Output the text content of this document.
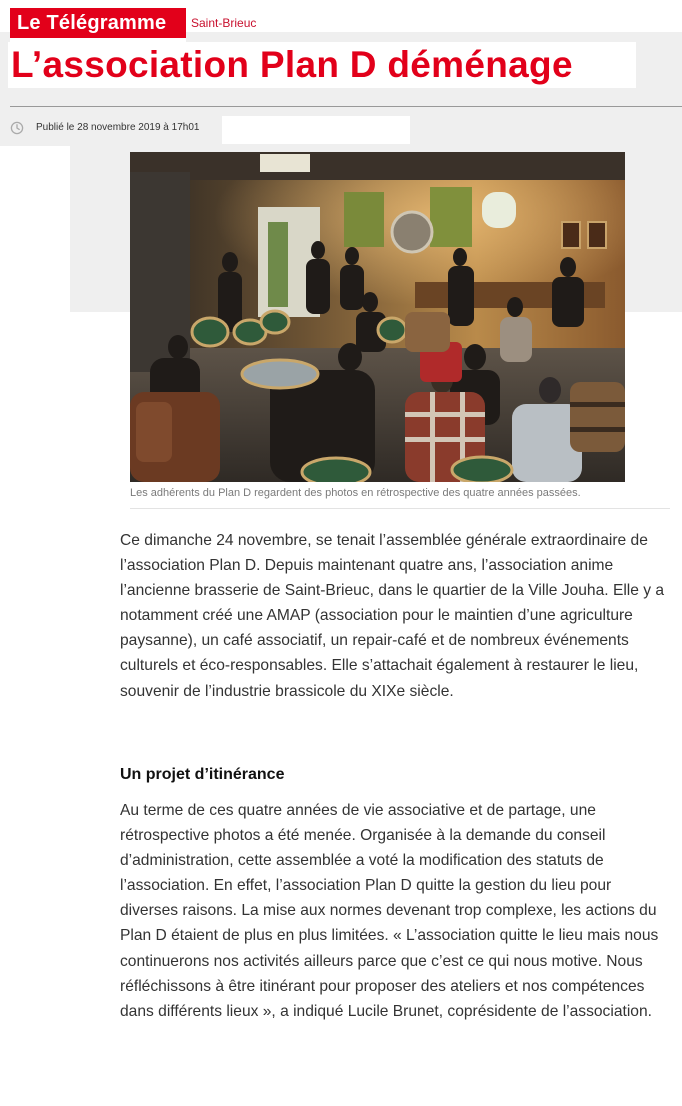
Le Télégramme	Saint-Brieuc
L’association Plan D déménage
Publié le 28 novembre 2019 à 17h01
Les adhérents du Plan D regardent des photos en rétrospective des quatre années passées.

Ce dimanche 24 novembre, se tenait l’assemblée générale extraordinaire de l’association Plan D. Depuis maintenant quatre ans, l’association anime l’ancienne brasserie de Saint-Brieuc, dans le quartier de la Ville Jouha. Elle y a notamment créé une AMAP (association pour le maintien d’une agriculture paysanne), un café associatif, un repair-café et de nombreux événements culturels et éco-responsables. Elle s’attachait également à restaurer le lieu, souvenir de l’industrie brassicole du XIXe siècle.

Un projet d’itinérance

Au terme de ces quatre années de vie associative et de partage, une rétrospective photos a été menée. Organisée à la demande du conseil d’administration, cette assemblée a voté la modification des statuts de l’association. En effet, l’association Plan D quitte la gestion du lieu pour diverses raisons. La mise aux normes devenant trop complexe, les actions du Plan D étaient de plus en plus limitées. « L’association quitte le lieu mais nous continuerons nos activités ailleurs parce que c’est ce qui nous motive. Nous réfléchissons à être itinérant pour proposer des ateliers et nos compétences dans différents lieux », a indiqué Lucile Brunet, coprésidente de l’association.
